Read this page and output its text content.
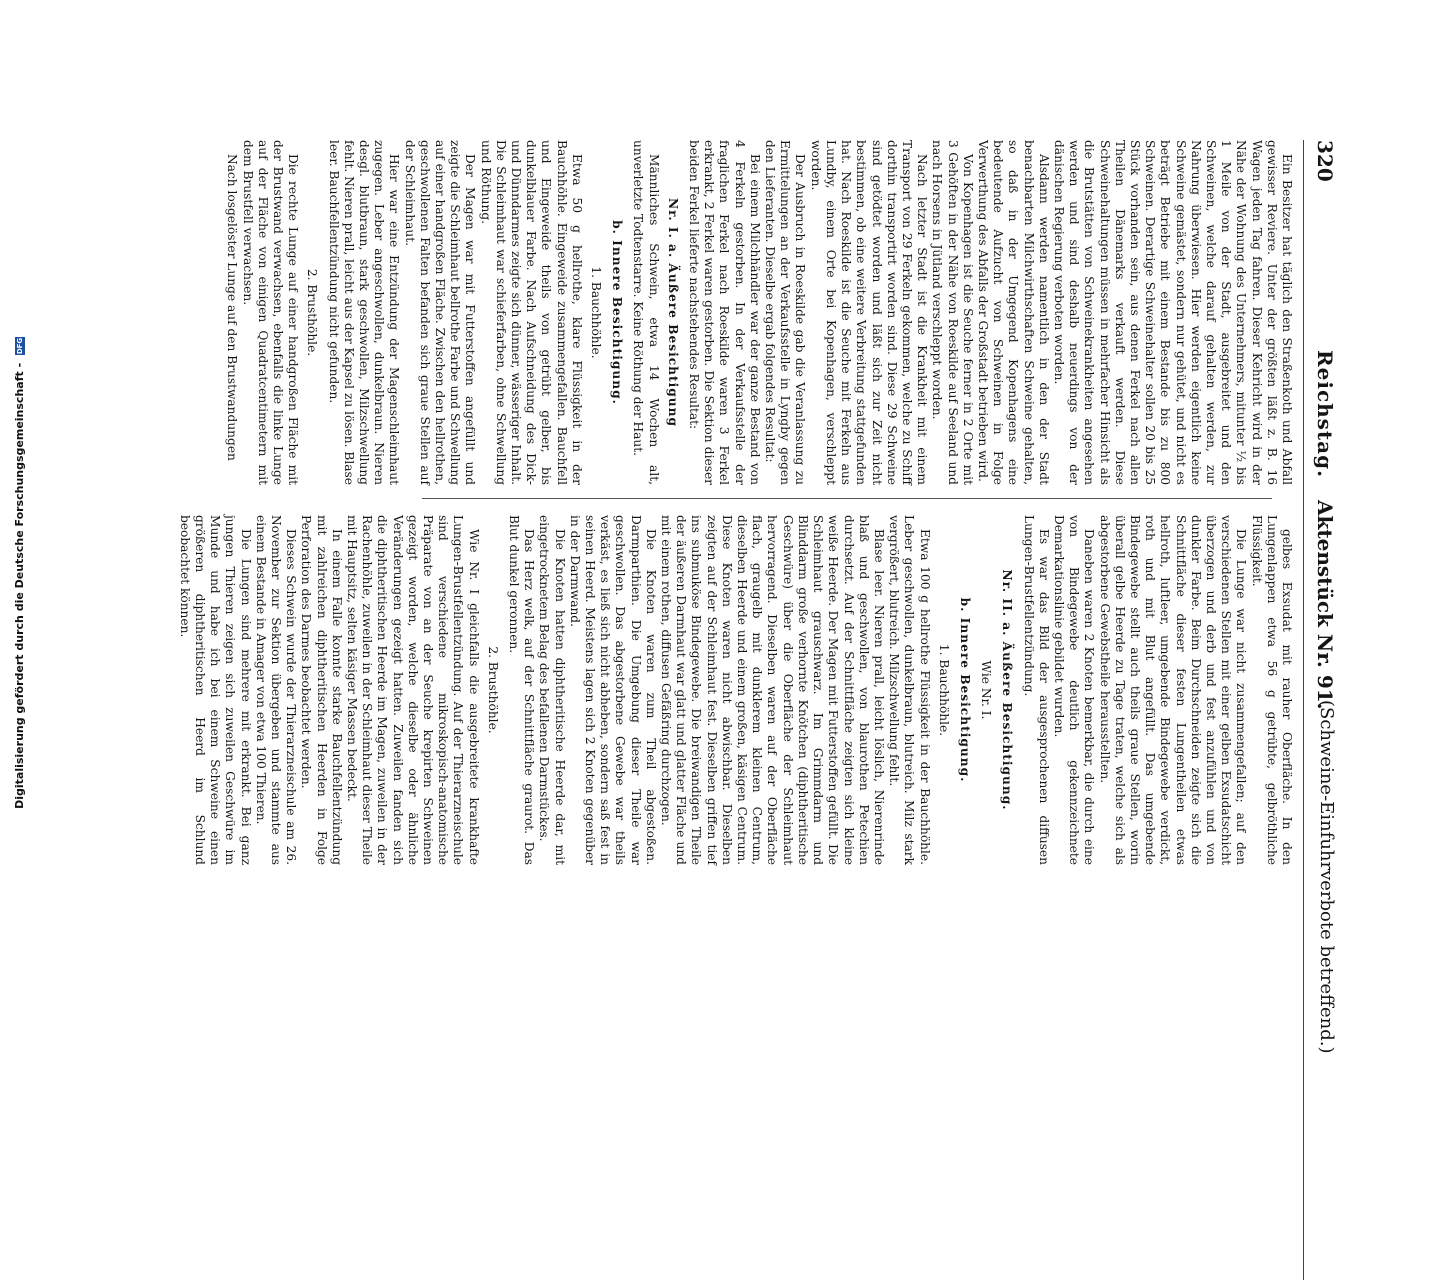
320
Reichstag.
Aktenstück Nr. 91.
(Schweine-Einfuhrverbote betreffend.)

Ein Besitzer hat täglich den Straßenkoth und Abfall gewisser Reviere. Unter der größten läßt z. B. 16 Wagen jeden Tag fahren. Dieser Kehricht wird in der Nähe der Wohnung des Unternehmers, mitunter ½ bis 1 Meile von der Stadt, ausgebreitet und den Schweinen, welche darauf gehalten werden, zur Nahrung überwiesen. Hier werden eigentlich keine Schweine gemästet, sondern nur gehütet, und nicht es beträgt Betriebe mit einem Bestande bis zu 800 Schweinen. Derartige Schweinehalter sollen 20 bis 25 Stück vorhanden sein, aus denen Ferkel nach allen Theilen Dänemarks verkauft werden. Diese Schweinehaltungen müssen in mehrfacher Hinsicht als die Brutstätten von Schweinekrankheiten angesehen werden und sind deshalb neuerdings von der dänischen Regierung verboten worden.

Alsdann werden namentlich in den der Stadt benachbarten Milchwirthschaften Schweine gehalten, so daß in der Umgegend Kopenhagens eine bedeutende Aufzucht von Schweinen in Folge Verwerthung des Abfalls der Großstadt betrieben wird.

Von Kopenhagen ist die Seuche ferner in 2 Orte mit 3 Gehöften in der Nähe von Roeskilde auf Seeland und nach Horsens in Jütland verschleppt worden.

Nach letzter Stadt ist die Krankheit mit einem Transport von 29 Ferkeln gekommen, welche zu Schiff dorthin transportirt worden sind. Diese 29 Schweine sind getödtet worden und läßt sich zur Zeit nicht bestimmen, ob eine weitere Verbreitung stattgefunden hat. Nach Roeskilde ist die Seuche mit Ferkeln aus Lundby, einem Orte bei Kopenhagen, verschleppt worden.

Der Ausbruch in Roeskilde gab die Veranlassung zu Ermittelungen an der Verkaufsstelle in Lyngby gegen den Lieferanten. Dieselbe ergab folgendes Resultat:

Bei einem Milchhändler war der ganze Bestand von 4 Ferkeln gestorben. In der Verkaufsstelle der fraglichen Ferkel nach Roeskilde waren 3 Ferkel erkrankt, 2 Ferkel waren gestorben. Die Sektion dieser beiden Ferkel lieferte nachstehendes Resultat:

Nr. I. a. Äußere Besichtigung

Männliches Schwein, etwa 14 Wochen alt, unverletzte Todtenstarre. Keine Röthung der Haut.

b. Innere Besichtigung.

1. Bauchhöhle.

Etwa 50 g hellrothe, klare Flüssigkeit in der Bauchhöhle. Eingeweide zusammengefallen. Bauchfell und Eingeweide theils von getrübt gelber, bis dunkelblauer Farbe. Nach Aufschneidung des Dick- und Dünndarmes zeigte sich dünner, wässeriger Inhalt. Die Schleimhaut war schieferfarben, ohne Schwellung und Röthung.

Der Magen war mit Futterstoffen angefüllt und zeigte die Schleimhaut bellrothe Farbe und Schwellung auf einer handgroßen Fläche. Zwischen den hellrothen, geschwollenen Falten befanden sich graue Stellen auf der Schleimhaut.

Hier war eine Entzündung der Magenschleimhaut zugegen. Leber angeschwollen, dunkelbraun. Nieren desgl. blutbraun, stark geschwollen, Milzschwellung fehlt. Nieren prall, leicht aus der Kapsel zu lösen. Blase leer. Bauchfellentzündung nicht gefunden.

2. Brusthöhle.

Die rechte Lunge auf einer handgroßen Fläche mit der Brustwand verwachsen, ebenfalls die linke Lunge auf der Fläche von einigen Quadratcentimetern mit dem Brustfell verwachsen.

Nach losgelöster Lunge auf den Brustwandungen

gelbes Exsudat mit rauher Oberfläche. In den Lungenlappen etwa 56 g getrübte, gelbröthliche Flüssigkeit.

Die Lunge war nicht zusammengefallen; auf den verschiedenen Stellen mit einer gelben Exsudatschicht überzogen und derb und fest anzufühlen und von dunkler Farbe. Beim Durchschneiden zeigte sich die Schnittfläche dieser festen Lungentheilen etwas hellroth, luftleer, umgebende Bindegewebe verdickt, roth und mit Blut angefüllt. Das umgebende Bindegewebe stellt auch theils graue Stellen, worin überall gelbe Heerde zu Tage traten, welche sich als abgestorbene Gewebstheile herausstellten.

Daneben waren 2 Knoten bemerkbar, die durch eine von Bindegewebe deutlich gekennzeichnete Demarkationslinie gebildet wurden.

Es war das Bild der ausgesprochenen diffusen Lungen-Brustfellentzündung.

Nr. II. a. Äußere Besichtigung.

Wie Nr. I.

b. Innere Besichtigung.

1. Bauchhöhle.

Etwa 100 g hellrothe Flüssigkeit in der Bauchhöhle. Leber geschwollen, dunkelbraun, blutreich. Milz stark vergrößert, blutreich. Milzschwellung fehlt.

Blase leer. Nieren prall, leicht löslich, Nierenrinde blaß und geschwollen, von blaurothen Petechien durchsetzt. Auf der Schnittfläche zeigten sich kleine weiße Heerde. Der Magen mit Futterstoffen gefüllt. Die Schleimhaut grauschwarz. Im Grimmdarm und Blinddarm große verhornte Knötchen (diphtheritische Geschwüre) über die Oberfläche der Schleimhaut hervorragend. Dieselben waren auf der Oberfläche flach, graugelb mit dunklerem kleinen Centrum, dieselben Heerde und einem großen, käsigen Centrum. Diese Knoten waren nicht abwischbar. Dieselben zeigten auf der Schleimhaut fest. Dieselben griffen tief ins submuköse Bindegewebe. Die breiwandigen Theile der äußeren Darmhaut war glatt und glatter Fläche und mit einem rothen, diffusen Gefäßring durchzogen.

Die Knoten waren zum Theil abgestoßen. Darmparthien. Die Umgebung dieser Theile war geschwollen. Das abgestorbene Gewebe war theils verkäst, es ließ sich nicht abheben, sondern saß fest in seinen Heerd. Meistens lagen sich 2 Knoten gegenüber in der Darmwand.

Die Knoten hatten diphtheritische Heerde dar, mit eingetrocknetem Belag des befallenen Darmstückes.

Das Herz welk, auf der Schnittfläche graurot. Das Blut dunkel geronnen.

2. Brusthöhle.

Wie Nr. I gleichfalls die ausgebreitete krankhafte Lungen-Brustfellentzündung. Auf der Thierarzneischule sind verschiedene mikroskopisch-anatomische Präparate von an der Seuche krepirten Schweinen gezeigt worden, welche dieselbe oder ähnliche Veränderungen gezeigt hatten. Zuweilen fanden sich die diphtheritischen Heerde im Magen, zuweilen in der Rachenhöhle, zuweilen in der Schleimhaut dieser Theile mit Hauptsitz, selten käsiger Massen bedeckt.

In einem Falle konnte starke Bauchfellentzündung mit zahlreichen diphtheritischen Heerden in Folge Perforation des Darmes beobachtet werden.

Dieses Schwein wurde der Thierarzneischule am 26. November zur Sektion übergeben und stammte aus einem Bestande in Amager von etwa 100 Thieren.

Die Lungen sind mehrere mit erkrankt. Bei ganz jungen Thieren zeigen sich zuweilen Geschwüre im Munde und habe ich bei einem Schweine einen größeren diphtheritischen Heerd im Schlund beobachtet können.

Digitalisierung gefördert durch die Deutsche Forschungsgemeinschaft - DFG
